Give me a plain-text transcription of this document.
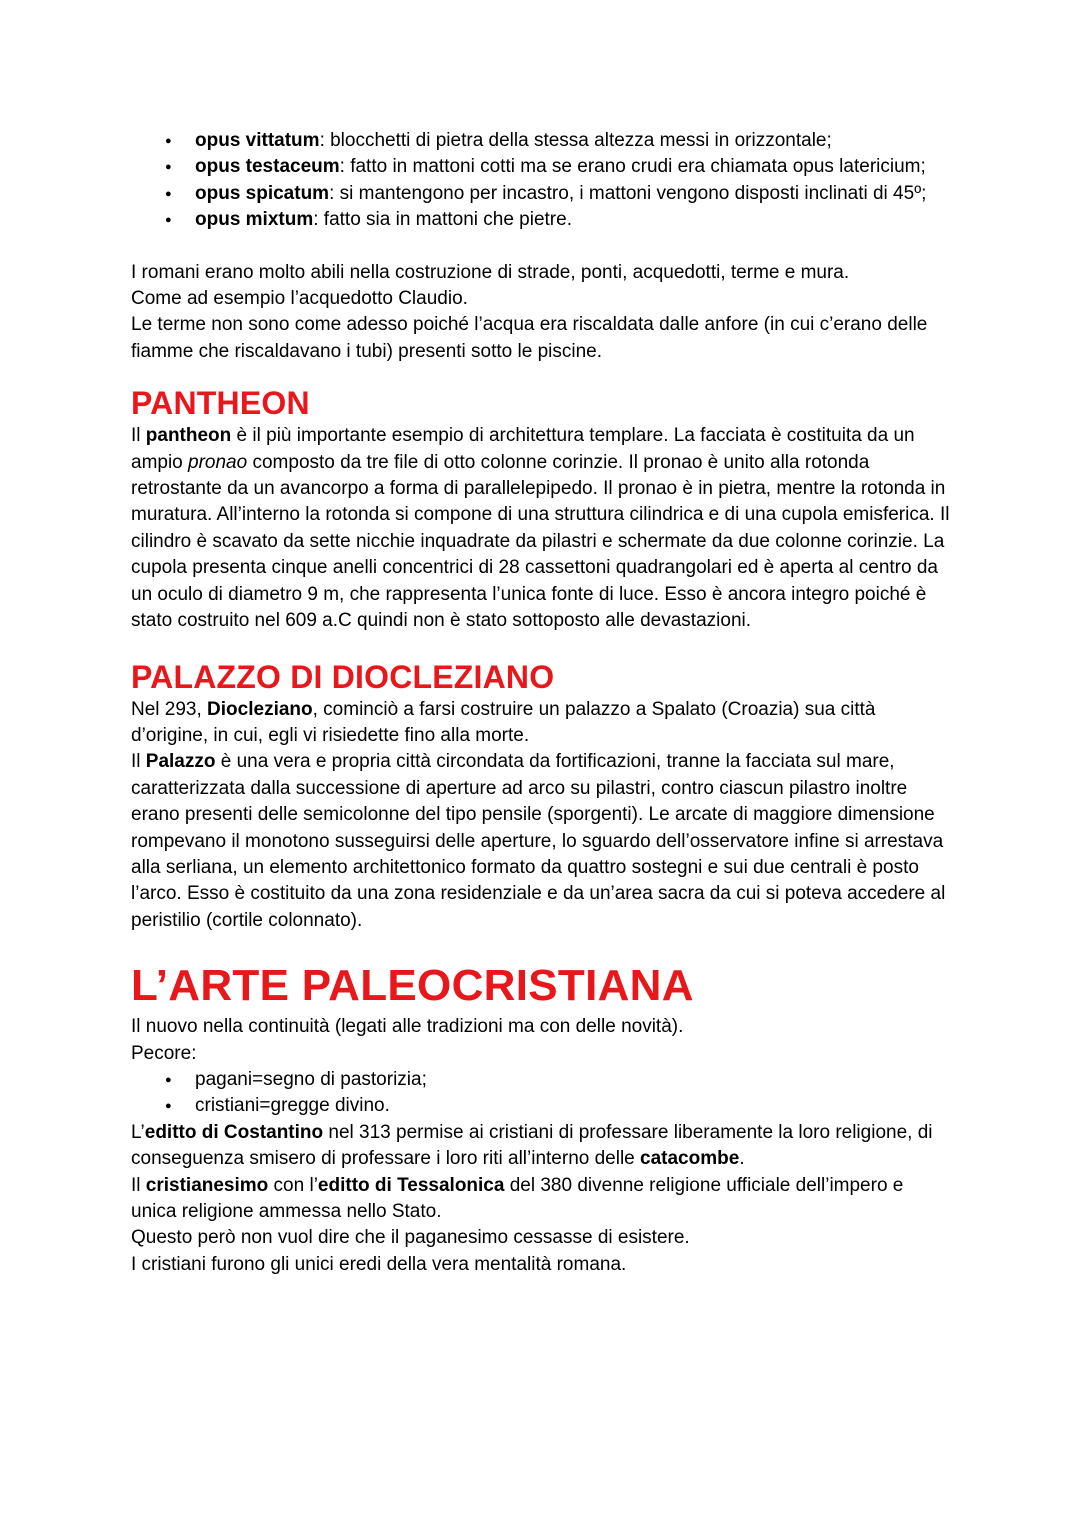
● opus vittatum: blocchetti di pietra della stessa altezza messi in orizzontale;
● opus testaceum: fatto in mattoni cotti ma se erano crudi era chiamata opus latericium;
● opus spicatum: si mantengono per incastro, i mattoni vengono disposti inclinati di 45º;
● opus mixtum: fatto sia in mattoni che pietre.

I romani erano molto abili nella costruzione di strade, ponti, acquedotti, terme e mura.

Come ad esempio l’acquedotto Claudio.

Le terme non sono come adesso poiché l’acqua era riscaldata dalle anfore (in cui c’erano delle fiamme che riscaldavano i tubi) presenti sotto le piscine.

PANTHEON

Il pantheon è il più importante esempio di architettura templare. La facciata è costituita da un ampio pronao composto da tre file di otto colonne corinzie. Il pronao è unito alla rotonda retrostante da un avancorpo a forma di parallelepipedo. Il pronao è in pietra, mentre la rotonda in muratura. All’interno la rotonda si compone di una struttura cilindrica e di una cupola emisferica. Il cilindro è scavato da sette nicchie inquadrate da pilastri e schermate da due colonne corinzie. La cupola presenta cinque anelli concentrici di 28 cassettoni quadrangolari ed è aperta al centro da un oculo di diametro 9 m, che rappresenta l’unica fonte di luce. Esso è ancora integro poiché è stato costruito nel 609 a.C quindi non è stato sottoposto alle devastazioni.

PALAZZO DI DIOCLEZIANO

Nel 293, Diocleziano, cominciò a farsi costruire un palazzo a Spalato (Croazia) sua città d’origine, in cui, egli vi risiedette fino alla morte.

Il Palazzo è una vera e propria città circondata da fortificazioni, tranne la facciata sul mare, caratterizzata dalla successione di aperture ad arco su pilastri, contro ciascun pilastro inoltre erano presenti delle semicolonne del tipo pensile (sporgenti). Le arcate di maggiore dimensione rompevano il monotono susseguirsi delle aperture, lo sguardo dell’osservatore infine si arrestava alla serliana, un elemento architettonico formato da quattro sostegni e sui due centrali è posto l’arco. Esso è costituito da una zona residenziale e da un’area sacra da cui si poteva accedere al peristilio (cortile colonnato).

L’ARTE PALEOCRISTIANA

Il nuovo nella continuità (legati alle tradizioni ma con delle novità).

Pecore:

● pagani=segno di pastorizia;
● cristiani=gregge divino.

L’editto di Costantino nel 313 permise ai cristiani di professare liberamente la loro religione, di conseguenza smisero di professare i loro riti all’interno delle catacombe.

Il cristianesimo con l’editto di Tessalonica del 380 divenne religione ufficiale dell’impero e unica religione ammessa nello Stato.

Questo però non vuol dire che il paganesimo cessasse di esistere.

I cristiani furono gli unici eredi della vera mentalità romana.
